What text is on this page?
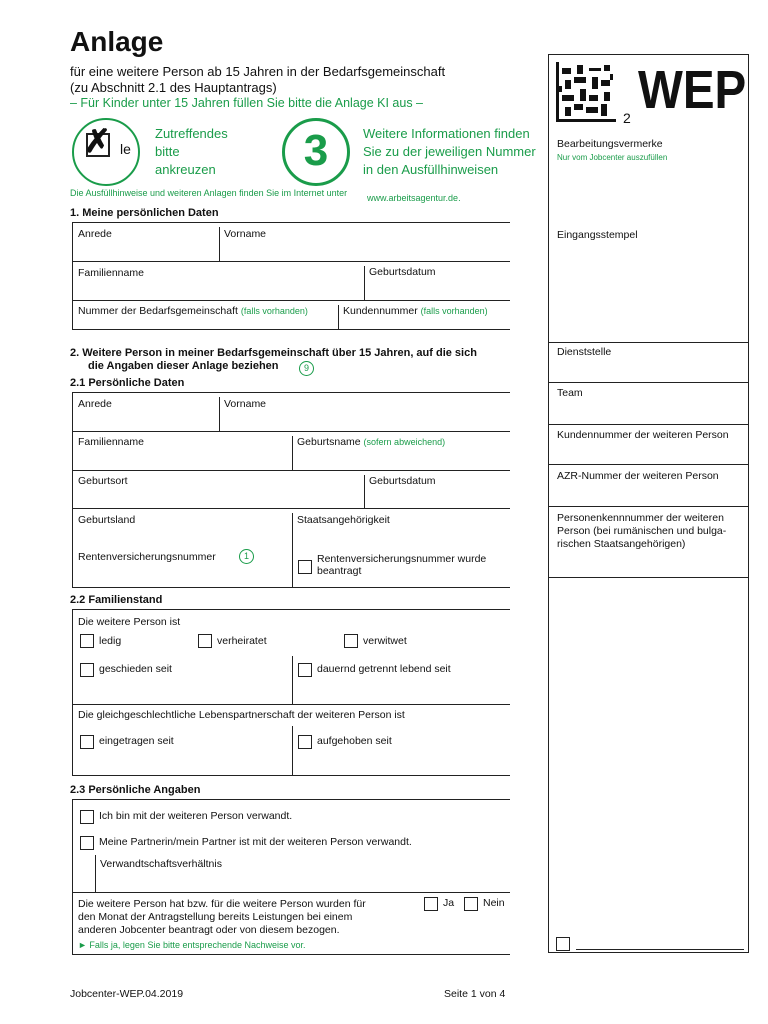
Anlage
für eine weitere Person ab 15 Jahren in der Bedarfsgemeinschaft
(zu Abschnitt 2.1 des Hauptantrags)
– Für Kinder unter 15 Jahren füllen Sie bitte die Anlage KI aus –
✗ le
Zutreffendes
bitte
ankreuzen	3	Weitere Informationen finden
Sie zu der jeweiligen Nummer
in den Ausfüllhinweisen
Die Ausfüllhinweise und weiteren Anlagen finden Sie im Internet unter www.arbeitsagentur.de.
1. Meine persönlichen Daten
Anrede	Vorname
Familienname	Geburtsdatum
Nummer der Bedarfsgemeinschaft (falls vorhanden)	Kundennummer (falls vorhanden)
2. Weitere Person in meiner Bedarfsgemeinschaft über 15 Jahren, auf die sich
die Angaben dieser Anlage beziehen	9
2.1 Persönliche Daten
Anrede	Vorname
Familienname	Geburtsname (sofern abweichend)
Geburtsort	Geburtsdatum
Geburtsland	Staatsangehörigkeit
Rentenversicherungsnummer	1	Rentenversicherungsnummer wurde
beantragt
2.2 Familienstand
Die weitere Person ist
ledig	verheiratet	verwitwet
geschieden seit	dauernd getrennt lebend seit
Die gleichgeschlechtliche Lebenspartnerschaft der weiteren Person ist
eingetragen seit	aufgehoben seit
2.3 Persönliche Angaben
Ich bin mit der weiteren Person verwandt.
Meine Partnerin/mein Partner ist mit der weiteren Person verwandt.
Verwandtschaftsverhältnis
Die weitere Person hat bzw. für die weitere Person wurden für
den Monat der Antragstellung bereits Leistungen bei einem
anderen Jobcenter beantragt oder von diesem bezogen.
Ja	Nein
► Falls ja, legen Sie bitte entsprechende Nachweise vor.
2 WEP
Bearbeitungsvermerke
Nur vom Jobcenter auszufüllen
Eingangsstempel
Dienststelle
Team
Kundennummer der weiteren Person
AZR-Nummer der weiteren Person
Personenkennnummer der weiteren
Person (bei rumänischen und bulga-
rischen Staatsangehörigen)
Jobcenter-WEP.04.2019	Seite 1 von 4
